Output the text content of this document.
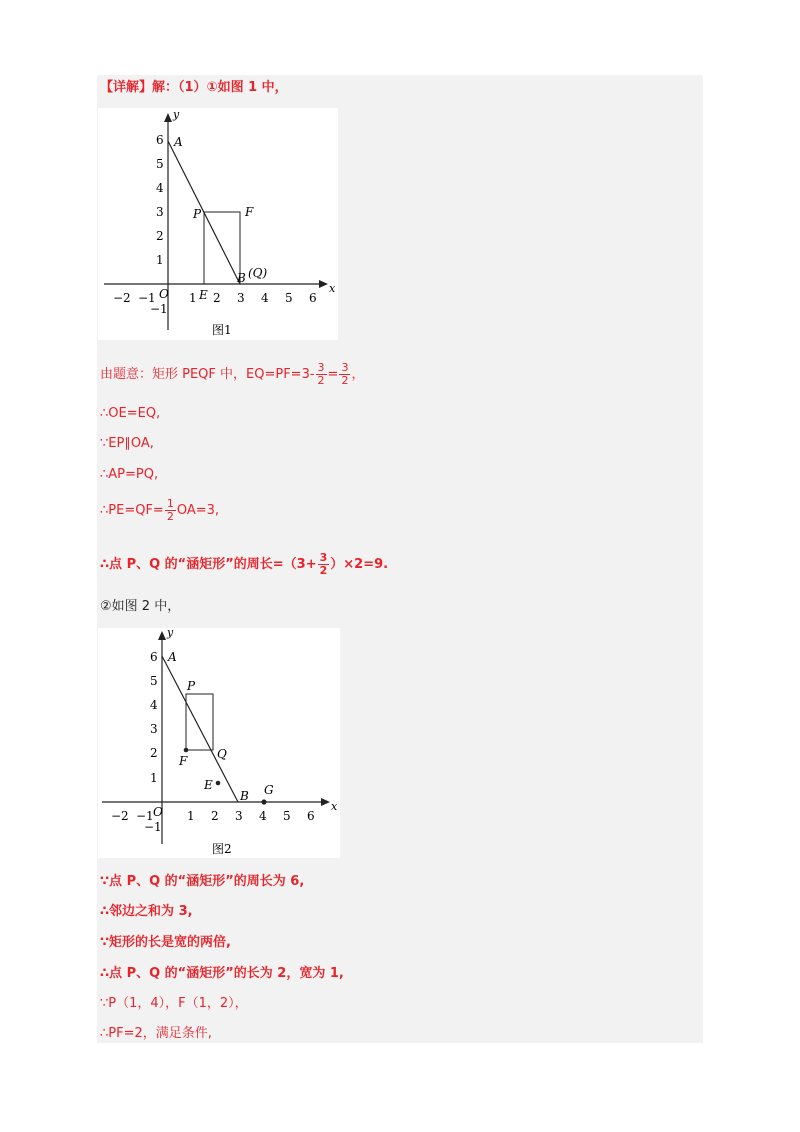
【详解】解：（1）①如图 1 中，
x
y
O
−2 −1	1 2 3 4 5 6
−1
1
2
3
4
5
6 A
P	F
E
B (Q)
图1
由题意：矩形 PEQF 中，$EQ=PF=3- \frac{3}{2} = \frac{3}{2}$ ，
∴OE=EQ,
∵EP∥OA,
∴AP=PQ,
∴PE=QF= $\frac{1}{2} OA=3$,
∴点 P、Q 的“涵矩形”的周长$=(3+ \frac{3}{2} )\times 2=9$.
②如图 2 中，
x
y
O
−2 −1	1 2 3 4 5 6
−1
1
2
3
4
5
6 A
P
F Q
E
B G
图2
∵点 P、Q 的“涵矩形”的周长为 6,
∴邻边之和为 3,
∵矩形的长是宽的两倍,
∴点 P、Q 的“涵矩形”的长为 2，宽为 1,
∵P（1，4），F（1，2），
∴PF=2，满足条件,
